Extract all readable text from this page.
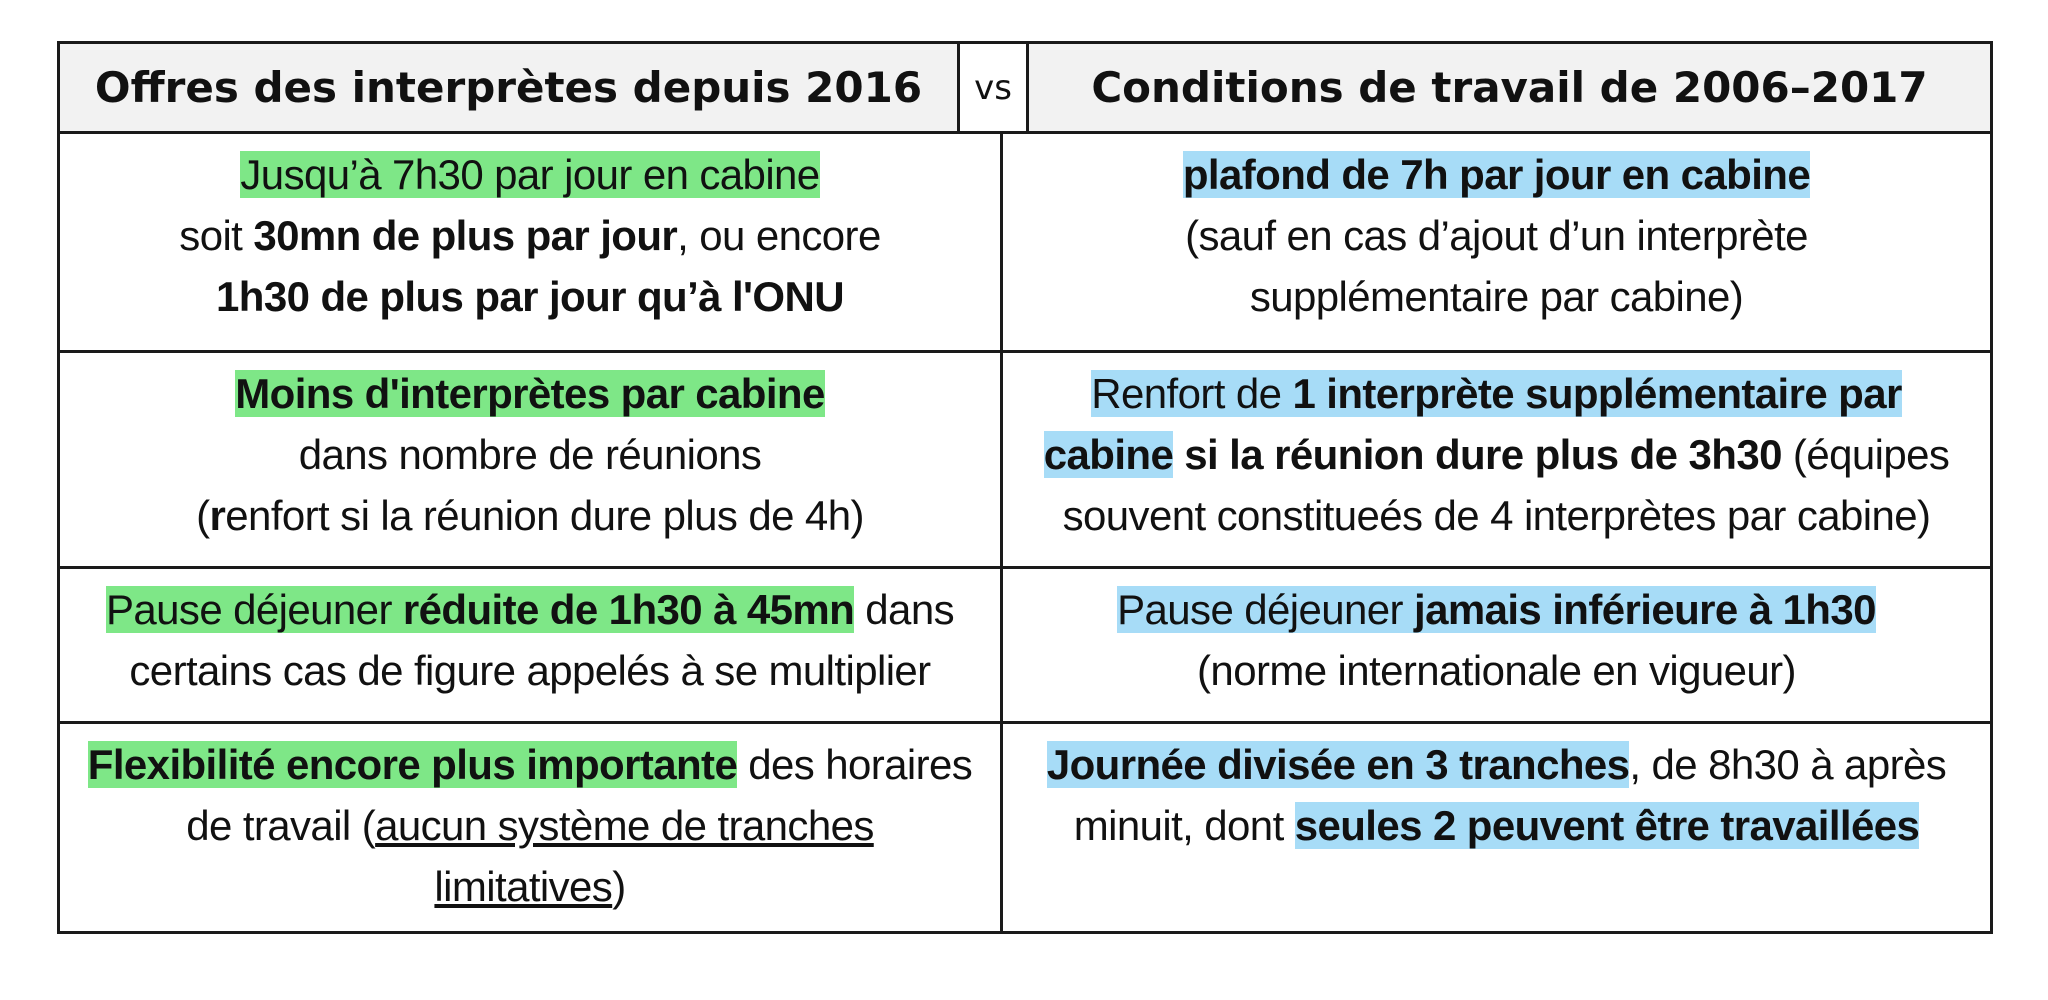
Offres des interprètes depuis 2016	vs	Conditions de travail de 2006–2017
Jusqu’à 7h30 par jour en cabine
soit 30mn de plus par jour, ou encore
1h30 de plus par jour qu’à l'ONU
plafond de 7h par jour en cabine
(sauf en cas d’ajout d’un interprète
supplémentaire par cabine)
Moins d'interprètes par cabine
dans nombre de réunions
(renfort si la réunion dure plus de 4h)
Renfort de 1 interprète supplémentaire par
cabine si la réunion dure plus de 3h30 (équipes
souvent constitueés de 4 interprètes par cabine)
Pause déjeuner réduite de 1h30 à 45mn dans
certains cas de figure appelés à se multiplier
Pause déjeuner jamais inférieure à 1h30
(norme internationale en vigueur)
Flexibilité encore plus importante des horaires
de travail (aucun système de tranches
limitatives)
Journée divisée en 3 tranches, de 8h30 à après
minuit, dont seules 2 peuvent être travaillées
